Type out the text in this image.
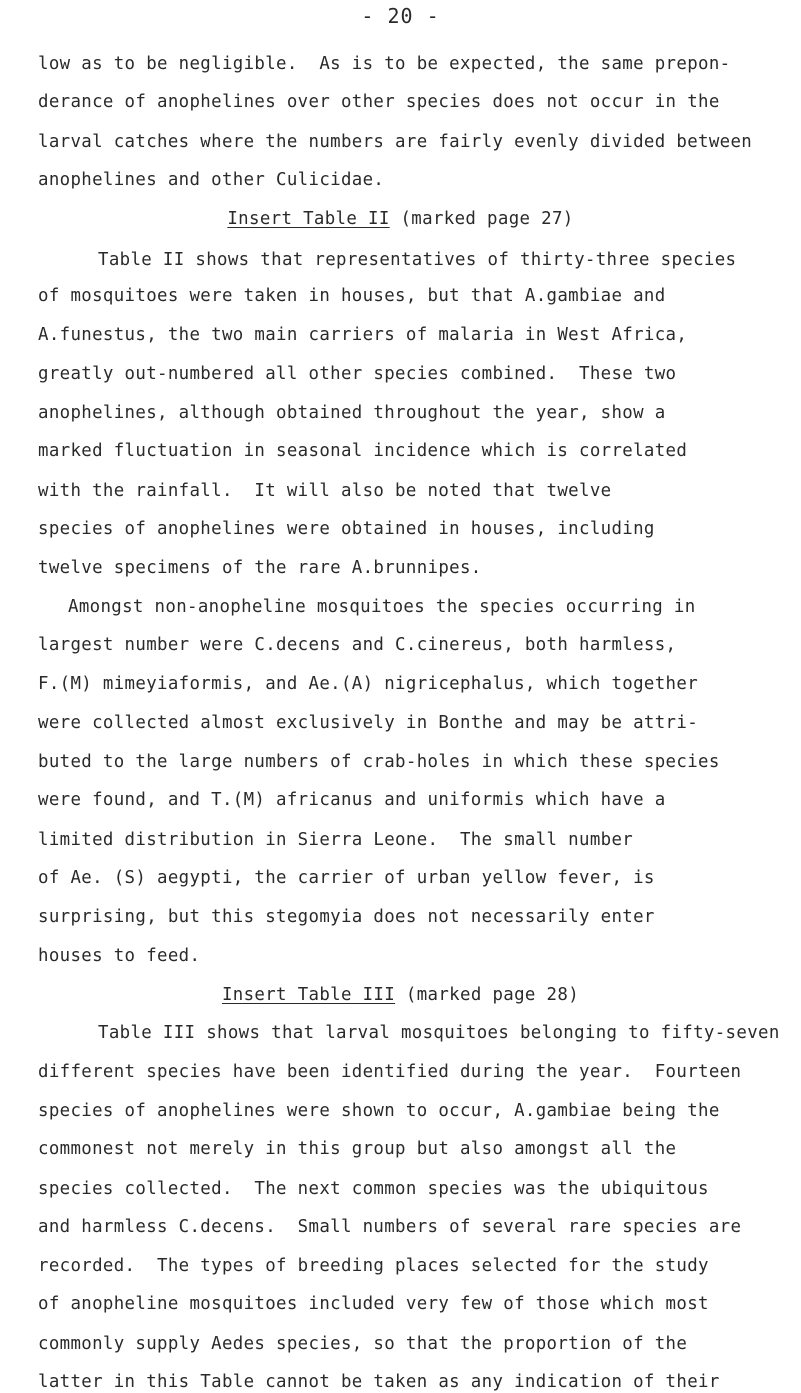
- 20 -
low as to be negligible.  As is to be expected, the same prepon-
derance of anophelines over other species does not occur in the
larval catches where the numbers are fairly evenly divided between
anophelines and other Culicidae.
Insert Table II (marked page 27)
Table II shows that representatives of thirty-three species
of mosquitoes were taken in houses, but that A.gambiae and
A.funestus, the two main carriers of malaria in West Africa,
greatly out-numbered all other species combined.  These two
anophelines, although obtained throughout the year, show a
marked fluctuation in seasonal incidence which is correlated
with the rainfall.  It will also be noted that twelve
species of anophelines were obtained in houses, including
twelve specimens of the rare A.brunnipes.
Amongst non-anopheline mosquitoes the species occurring in
largest number were C.decens and C.cinereus, both harmless,
F.(M) mimeyiaformis, and Ae.(A) nigricephalus, which together
were collected almost exclusively in Bonthe and may be attri-
buted to the large numbers of crab-holes in which these species
were found, and T.(M) africanus and uniformis which have a
limited distribution in Sierra Leone.  The small number
of Ae. (S) aegypti, the carrier of urban yellow fever, is
surprising, but this stegomyia does not necessarily enter
houses to feed.
Insert Table III (marked page 28)
Table III shows that larval mosquitoes belonging to fifty-seven
different species have been identified during the year.  Fourteen
species of anophelines were shown to occur, A.gambiae being the
commonest not merely in this group but also amongst all the
species collected.  The next common species was the ubiquitous
and harmless C.decens.  Small numbers of several rare species are
recorded.  The types of breeding places selected for the study
of anopheline mosquitoes included very few of those which most
commonly supply Aedes species, so that the proportion of the
latter in this Table cannot be taken as any indication of their
